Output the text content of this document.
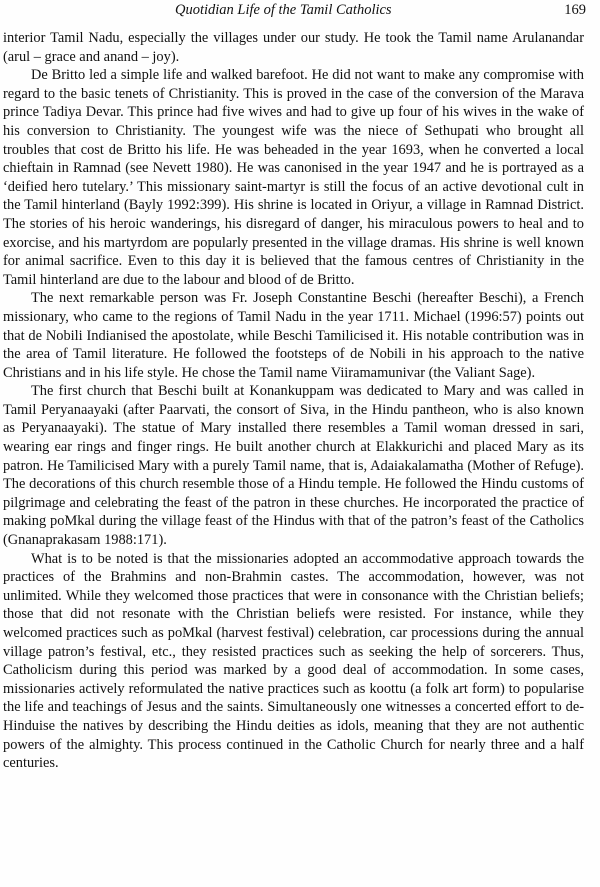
Quotidian Life of the Tamil Catholics	169

interior Tamil Nadu, especially the villages under our study. He took the Tamil name Arulanandar (arul – grace and anand – joy).

De Britto led a simple life and walked barefoot. He did not want to make any compromise with regard to the basic tenets of Christianity. This is proved in the case of the conversion of the Marava prince Tadiya Devar. This prince had five wives and had to give up four of his wives in the wake of his conversion to Christianity. The youngest wife was the niece of Sethupati who brought all troubles that cost de Britto his life. He was beheaded in the year 1693, when he converted a local chieftain in Ramnad (see Nevett 1980). He was canonised in the year 1947 and he is portrayed as a ‘deified hero tutelary.’ This missionary saint-martyr is still the focus of an active devotional cult in the Tamil hinterland (Bayly 1992:399). His shrine is located in Oriyur, a village in Ramnad District. The stories of his heroic wanderings, his disregard of danger, his miraculous powers to heal and to exorcise, and his martyrdom are popularly presented in the village dramas. His shrine is well known for animal sacrifice. Even to this day it is believed that the famous centres of Christianity in the Tamil hinterland are due to the labour and blood of de Britto.

The next remarkable person was Fr. Joseph Constantine Beschi (hereafter Beschi), a French missionary, who came to the regions of Tamil Nadu in the year 1711. Michael (1996:57) points out that de Nobili Indianised the apostolate, while Beschi Tamilicised it. His notable contribution was in the area of Tamil literature. He followed the footsteps of de Nobili in his approach to the native Christians and in his life style. He chose the Tamil name Viiramamunivar (the Valiant Sage).

The first church that Beschi built at Konankuppam was dedicated to Mary and was called in Tamil Peryanaayaki (after Paarvati, the consort of Siva, in the Hindu pantheon, who is also known as Peryanaayaki). The statue of Mary installed there resembles a Tamil woman dressed in sari, wearing ear rings and finger rings. He built another church at Elakkurichi and placed Mary as its patron. He Tamilicised Mary with a purely Tamil name, that is, Adaiakalamatha (Mother of Refuge). The decorations of this church resemble those of a Hindu temple. He followed the Hindu customs of pilgrimage and celebrating the feast of the patron in these churches. He incorporated the practice of making poMkal during the village feast of the Hindus with that of the patron’s feast of the Catholics (Gnanaprakasam 1988:171).

What is to be noted is that the missionaries adopted an accommodative approach towards the practices of the Brahmins and non-Brahmin castes. The accommodation, however, was not unlimited. While they welcomed those practices that were in consonance with the Christian beliefs; those that did not resonate with the Christian beliefs were resisted. For instance, while they welcomed practices such as poMkal (harvest festival) celebration, car processions during the annual village patron’s festival, etc., they resisted practices such as seeking the help of sorcerers. Thus, Catholicism during this period was marked by a good deal of accommodation. In some cases, missionaries actively reformulated the native practices such as koottu (a folk art form) to popularise the life and teachings of Jesus and the saints. Simultaneously one witnesses a concerted effort to de-Hinduise the natives by describing the Hindu deities as idols, meaning that they are not authentic powers of the almighty. This process continued in the Catholic Church for nearly three and a half centuries.
